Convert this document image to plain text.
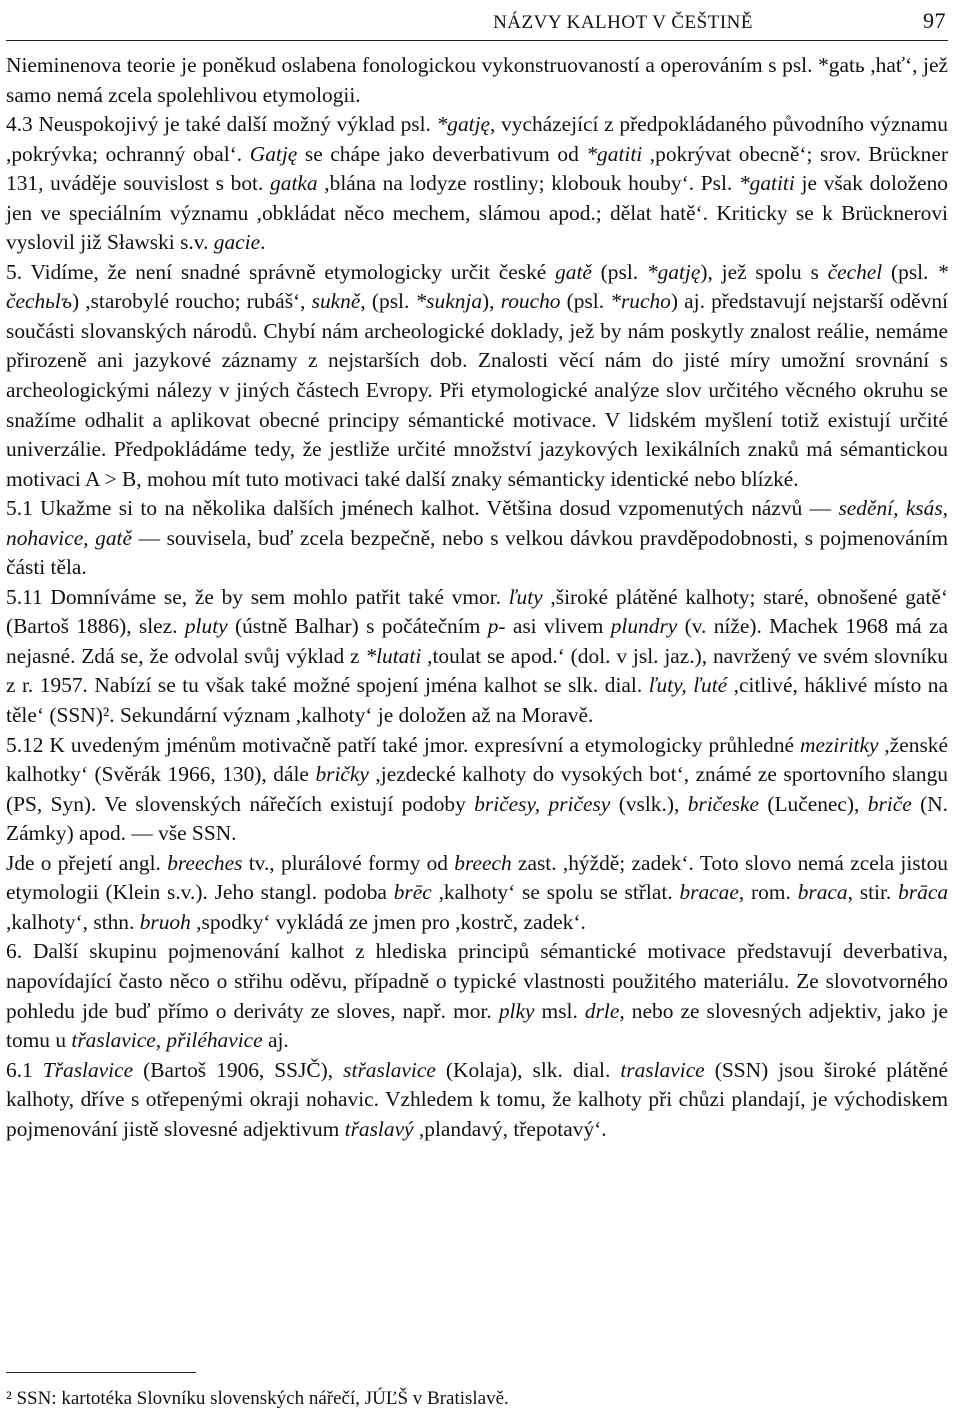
NÁZVY KALHOT V ČEŠTINĚ	97

Nieminenova teorie je poněkud oslabena fonologickou vykonstruovaností a operováním s psl. *gatь ,hať‘, jež samo nemá zcela spolehlivou etymologii.

4.3 Neuspokojivý je také další možný výklad psl. *gatję, vycházející z předpokládaného původního významu ,pokrývka; ochranný obal‘. Gatję se chápe jako deverbativum od *gatiti ,pokrývat obecně‘; srov. Brückner 131, uváděje souvislost s bot. gatka ,blána na lodyze rostliny; klobouk houby‘. Psl. *gatiti je však doloženo jen ve speciálním významu ,obkládat něco mechem, slámou apod.; dělat hatě‘. Kriticky se k Brücknerovi vyslovil již Sławski s.v. gacie.

5. Vidíme, že není snadné správně etymologicky určit české gatě (psl. *gatję), jež spolu s čechel (psl. * čechьlъ) ,starobylé roucho; rubáš‘, sukně, (psl. *suknja), roucho (psl. *rucho) aj. představují nejstarší oděvní součásti slovanských národů. Chybí nám archeologické doklady, jež by nám poskytly znalost reálie, nemáme přirozeně ani jazykové záznamy z nejstarších dob. Znalosti věcí nám do jisté míry umožní srovnání s archeologickými nálezy v jiných částech Evropy. Při etymologické analýze slov určitého věcného okruhu se snažíme odhalit a aplikovat obecné principy sémantické motivace. V lidském myšlení totiž existují určité univerzálie. Předpokládáme tedy, že jestliže určité množství jazykových lexikálních znaků má sémantickou motivaci A > B, mohou mít tuto motivaci také další znaky sémanticky identické nebo blízké.

5.1 Ukažme si to na několika dalších jménech kalhot. Většina dosud vzpomenutých názvů — sedění, ksás, nohavice, gatě — souvisela, buď zcela bezpečně, nebo s velkou dávkou pravděpodobnosti, s pojmenováním části těla.

5.11 Domníváme se, že by sem mohlo patřit také vmor. ľuty ,široké plátěné kalhoty; staré, obnošené gatě‘ (Bartoš 1886), slez. pluty (ústně Balhar) s počátečním p- asi vlivem plundry (v. níže). Machek 1968 má za nejasné. Zdá se, že odvolal svůj výklad z *lutati ,toulat se apod.‘ (dol. v jsl. jaz.), navržený ve svém slovníku z r. 1957. Nabízí se tu však také možné spojení jména kalhot se slk. dial. ľuty, ľuté ,citlivé, háklivé místo na těle‘ (SSN)². Sekundární význam ,kalhoty‘ je doložen až na Moravě.

5.12 K uvedeným jménům motivačně patří také jmor. expresívní a etymologicky průhledné meziritky ,ženské kalhotky‘ (Svěrák 1966, 130), dále bričky ,jezdecké kalhoty do vysokých bot‘, známé ze sportovního slangu (PS, Syn). Ve slovenských nářečích existují podoby bričesy, pričesy (vslk.), bričeske (Lučenec), briče (N. Zámky) apod. — vše SSN.

Jde o přejetí angl. breeches tv., plurálové formy od breech zast. ,hýždě; zadek‘. Toto slovo nemá zcela jistou etymologii (Klein s.v.). Jeho stangl. podoba brēc ,kalhoty‘ se spolu se střlat. bracae, rom. braca, stir. brāca ,kalhoty‘, sthn. bruoh ,spodky‘ vykládá ze jmen pro ,kostrč, zadek‘.

6. Další skupinu pojmenování kalhot z hlediska principů sémantické motivace představují deverbativa, napovídající často něco o střihu oděvu, případně o typické vlastnosti použitého materiálu. Ze slovotvorného pohledu jde buď přímo o deriváty ze sloves, např. mor. plky msl. drle, nebo ze slovesných adjektiv, jako je tomu u třaslavice, přiléhavice aj.

6.1 Třaslavice (Bartoš 1906, SSJČ), střaslavice (Kolaja), slk. dial. traslavice (SSN) jsou široké plátěné kalhoty, dříve s otřepenými okraji nohavic. Vzhledem k tomu, že kalhoty při chůzi plandají, je východiskem pojmenování jistě slovesné adjektivum třaslavý ,plandavý, třepotavý‘.

² SSN: kartotéka Slovníku slovenských nářečí, JÚĽŠ v Bratislavě.
